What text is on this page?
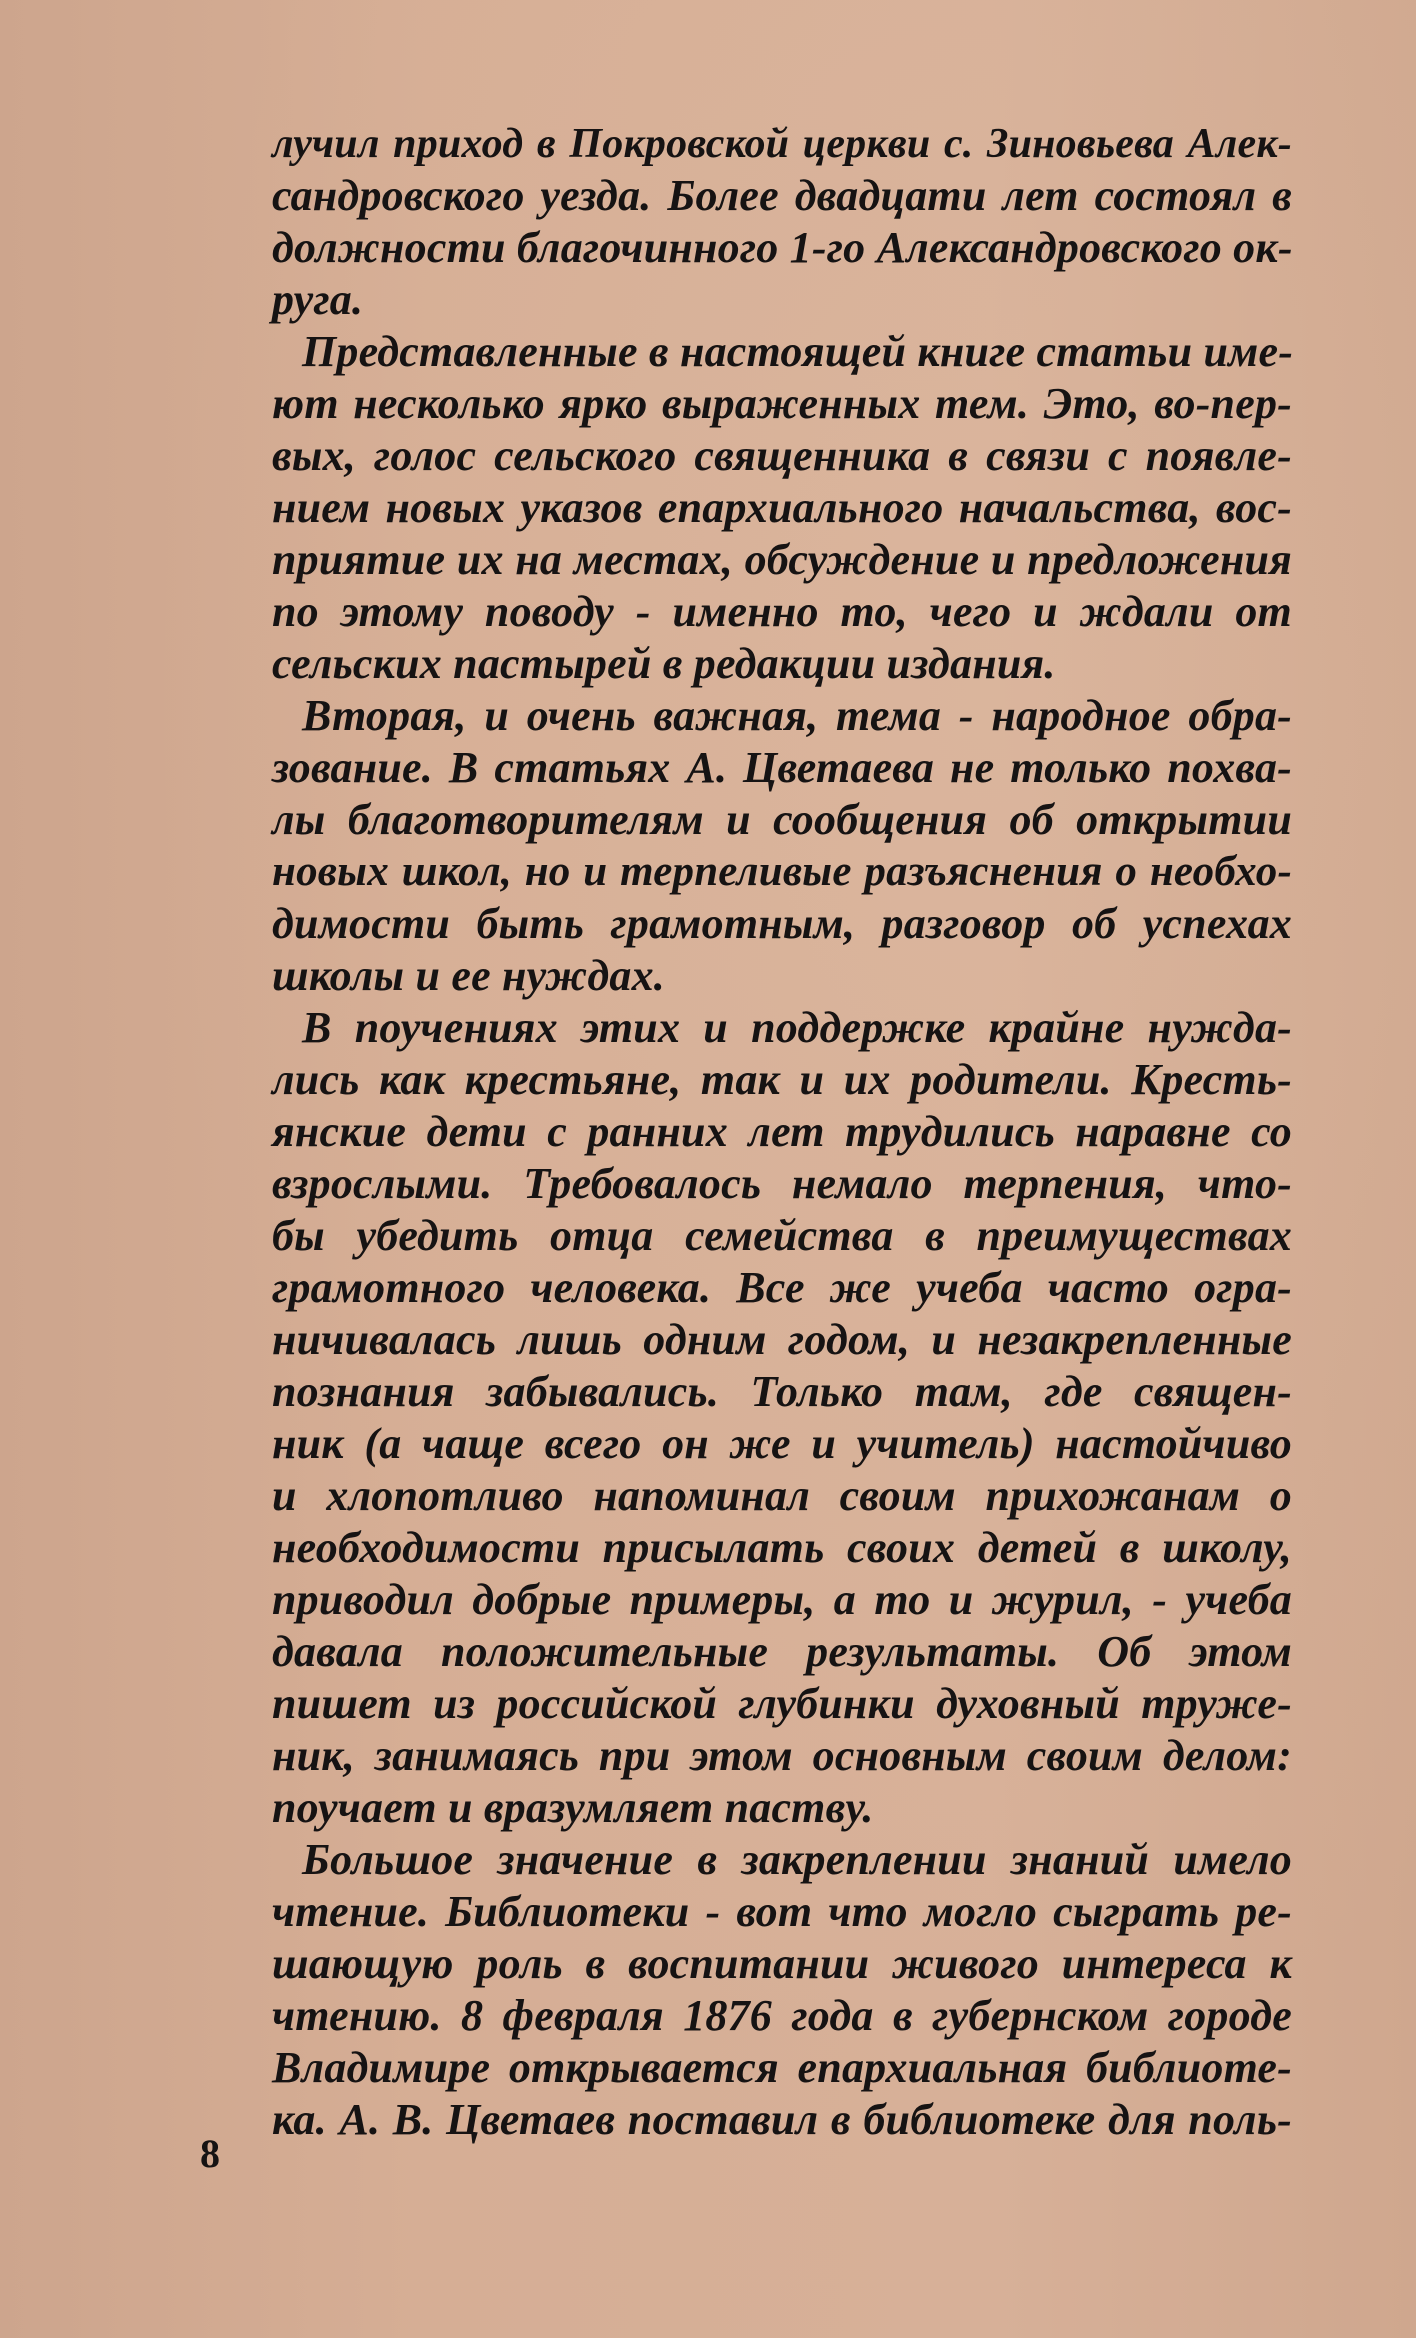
лучил приход в Покровской церкви с. Зиновьева Алек-
сандровского уезда. Более двадцати лет состоял в
должности благочинного 1-го Александровского ок-
руга.
Представленные в настоящей книге статьи име-
ют несколько ярко выраженных тем. Это, во-пер-
вых, голос сельского священника в связи с появле-
нием новых указов епархиального начальства, вос-
приятие их на местах, обсуждение и предложения
по этому поводу - именно то, чего и ждали от
сельских пастырей в редакции издания.
Вторая, и очень важная, тема - народное обра-
зование. В статьях А. Цветаева не только похва-
лы благотворителям и сообщения об открытии
новых школ, но и терпеливые разъяснения о необхо-
димости быть грамотным, разговор об успехах
школы и ее нуждах.
В поучениях этих и поддержке крайне нужда-
лись как крестьяне, так и их родители. Кресть-
янские дети с ранних лет трудились наравне со
взрослыми. Требовалось немало терпения, что-
бы убедить отца семейства в преимуществах
грамотного человека. Все же учеба часто огра-
ничивалась лишь одним годом, и незакрепленные
познания забывались. Только там, где священ-
ник (а чаще всего он же и учитель) настойчиво
и хлопотливо напоминал своим прихожанам о
необходимости присылать своих детей в школу,
приводил добрые примеры, а то и журил, - учеба
давала положительные результаты. Об этом
пишет из российской глубинки духовный труже-
ник, занимаясь при этом основным своим делом:
поучает и вразумляет паству.
Большое значение в закреплении знаний имело
чтение. Библиотеки - вот что могло сыграть ре-
шающую роль в воспитании живого интереса к
чтению. 8 февраля 1876 года в губернском городе
Владимире открывается епархиальная библиоте-
ка. А. В. Цветаев поставил в библиотеке для поль-
8
